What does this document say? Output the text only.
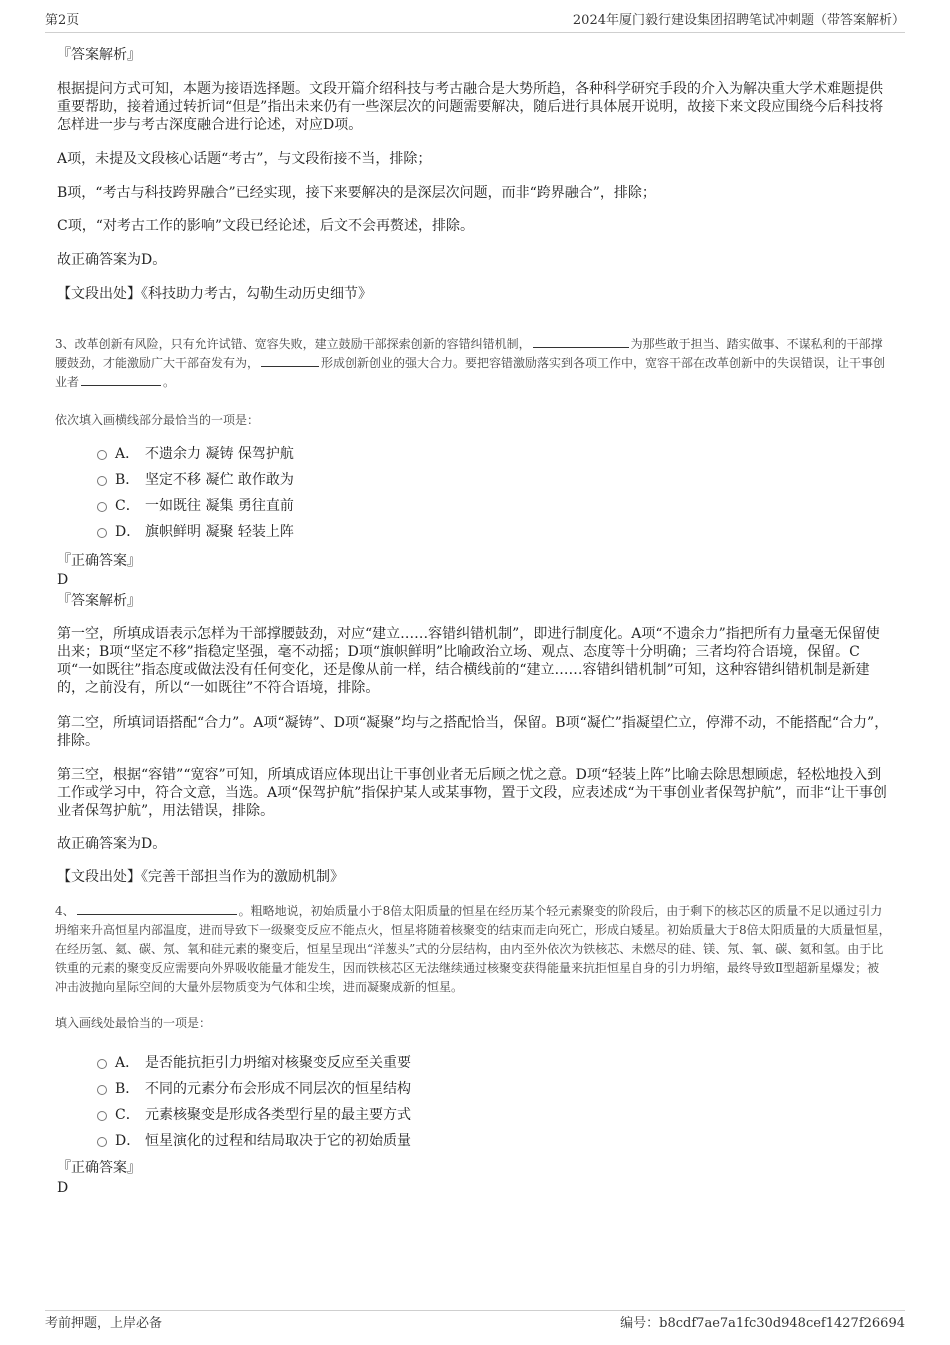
第2页	2024年厦门毅行建设集团招聘笔试冲刺题（带答案解析）
『答案解析』

根据提问方式可知，本题为接语选择题。文段开篇介绍科技与考古融合是大势所趋，各种科学研究手段的介入为解决重大学术难题提供重要帮助，接着通过转折词“但是”指出未来仍有一些深层次的问题需要解决，随后进行具体展开说明，故接下来文段应围绕今后科技将怎样进一步与考古深度融合进行论述，对应D项。

A项，未提及文段核心话题“考古”，与文段衔接不当，排除；

B项，“考古与科技跨界融合”已经实现，接下来要解决的是深层次问题，而非“跨界融合”，排除；

C项，“对考古工作的影响”文段已经论述，后文不会再赘述，排除。

故正确答案为D。

【文段出处】《科技助力考古，勾勒生动历史细节》

3、改革创新有风险，只有允许试错、宽容失败，建立鼓励干部探索创新的容错纠错机制，	为那些敢于担当、踏实做事、不谋私利的干部撑腰鼓劲，才能激励广大干部奋发有为，	形成创新创业的强大合力。要把容错激励落实到各项工作中，宽容干部在改革创新中的失误错误，让干事创业者	。

依次填入画横线部分最恰当的一项是：

A． 不遗余力 凝铸 保驾护航
B． 坚定不移 凝伫 敢作敢为
C． 一如既往 凝集 勇往直前
D． 旗帜鲜明 凝聚 轻装上阵
『正确答案』
D
『答案解析』

第一空，所填成语表示怎样为干部撑腰鼓劲，对应“建立……容错纠错机制”，即进行制度化。A项“不遗余力”指把所有力量毫无保留使出来；B项“坚定不移”指稳定坚强，毫不动摇；D项“旗帜鲜明”比喻政治立场、观点、态度等十分明确；三者均符合语境，保留。C项“一如既往”指态度或做法没有任何变化，还是像从前一样，结合横线前的“建立……容错纠错机制”可知，这种容错纠错机制是新建的，之前没有，所以“一如既往”不符合语境，排除。

第二空，所填词语搭配“合力”。A项“凝铸”、D项“凝聚”均与之搭配恰当，保留。B项“凝伫”指凝望伫立，停滞不动，不能搭配“合力”，排除。

第三空，根据“容错”“宽容”可知，所填成语应体现出让干事创业者无后顾之忧之意。D项“轻装上阵”比喻去除思想顾虑，轻松地投入到工作或学习中，符合文意，当选。A项“保驾护航”指保护某人或某事物，置于文段，应表述成“为干事创业者保驾护航”，而非“让干事创业者保驾护航”，用法错误，排除。

故正确答案为D。

【文段出处】《完善干部担当作为的激励机制》

4、	。粗略地说，初始质量小于8倍太阳质量的恒星在经历某个轻元素聚变的阶段后，由于剩下的核芯区的质量不足以通过引力坍缩来升高恒星内部温度，进而导致下一级聚变反应不能点火，恒星将随着核聚变的结束而走向死亡，形成白矮星。初始质量大于8倍太阳质量的大质量恒星，在经历氢、氦、碳、氖、氧和硅元素的聚变后，恒星呈现出“洋葱头”式的分层结构，由内至外依次为铁核芯、未燃尽的硅、镁、氖、氧、碳、氦和氢。由于比铁重的元素的聚变反应需要向外界吸收能量才能发生，因而铁核芯区无法继续通过核聚变获得能量来抗拒恒星自身的引力坍缩，最终导致Ⅱ型超新星爆发；被冲击波抛向星际空间的大量外层物质变为气体和尘埃，进而凝聚成新的恒星。

填入画线处最恰当的一项是：

A． 是否能抗拒引力坍缩对核聚变反应至关重要
B． 不同的元素分布会形成不同层次的恒星结构
C． 元素核聚变是形成各类型行星的最主要方式
D． 恒星演化的过程和结局取决于它的初始质量
『正确答案』
D
考前押题，上岸必备	编号：b8cdf7ae7a1fc30d948cef1427f26694
